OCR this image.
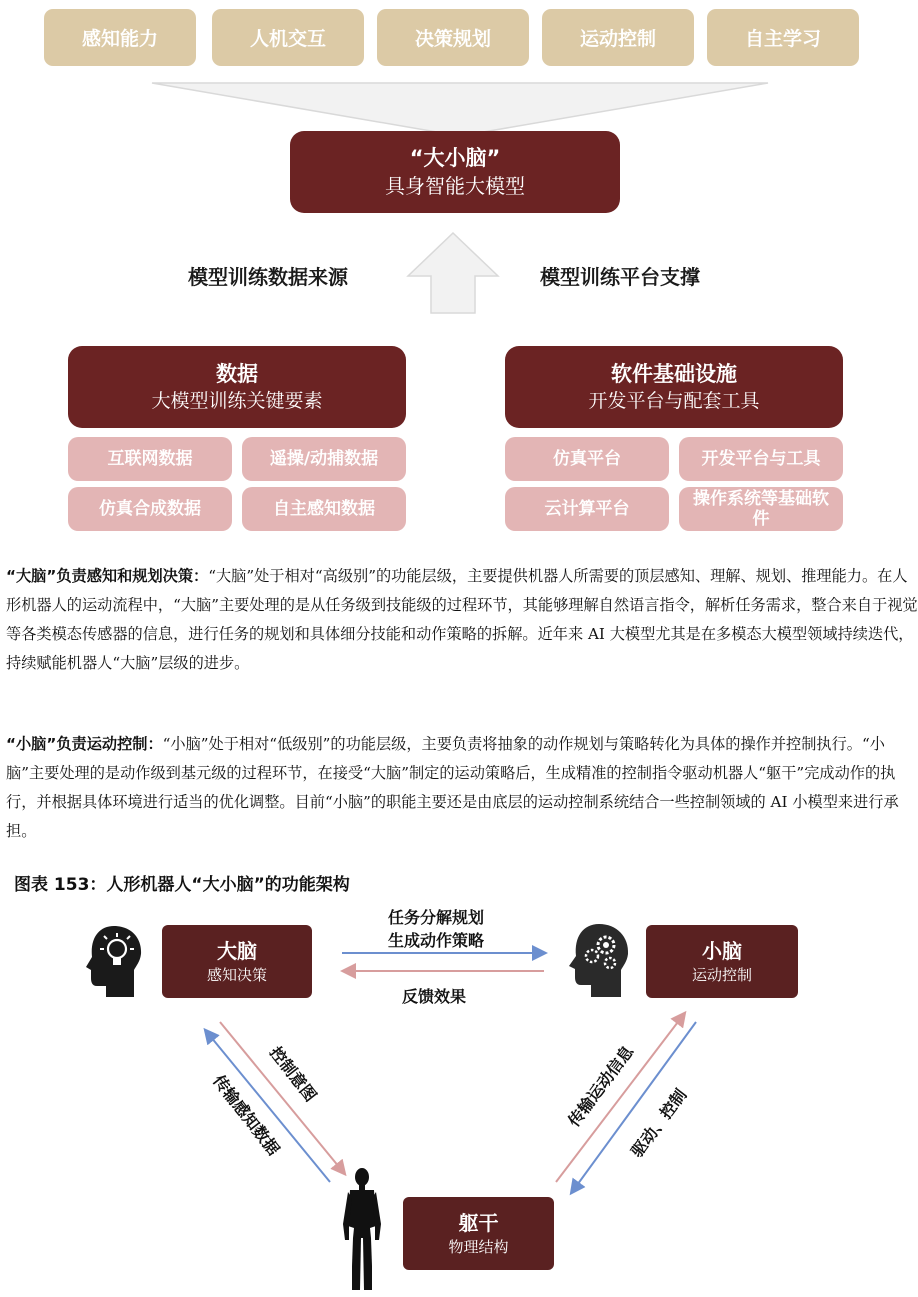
感知能力	人机交互	决策规划	运动控制	自主学习
“大小脑”
具身智能大模型
模型训练数据来源	模型训练平台支撑
数据
大模型训练关键要素
互联网数据	遥操/动捕数据
仿真合成数据	自主感知数据
软件基础设施
开发平台与配套工具
仿真平台	开发平台与工具
云计算平台	操作系统等基础软件

“大脑”负责感知和规划决策：“大脑”处于相对“高级别”的功能层级，主要提供机器人所需要的顶层感知、理解、规划、推理能力。在人形机器人的运动流程中，“大脑”主要处理的是从任务级到技能级的过程环节，其能够理解自然语言指令，解析任务需求，整合来自于视觉等各类模态传感器的信息，进行任务的规划和具体细分技能和动作策略的拆解。近年来 AI 大模型尤其是在多模态大模型领域持续迭代，持续赋能机器人“大脑”层级的进步。

“小脑”负责运动控制：“小脑”处于相对“低级别”的功能层级，主要负责将抽象的动作规划与策略转化为具体的操作并控制执行。“小脑”主要处理的是动作级到基元级的过程环节，在接受“大脑”制定的运动策略后，生成精准的控制指令驱动机器人“躯干”完成动作的执行，并根据具体环境进行适当的优化调整。目前“小脑”的职能主要还是由底层的运动控制系统结合一些控制领域的 AI 小模型来进行承担。

图表 153：人形机器人“大小脑”的功能架构
大脑
感知决策
任务分解规划
生成动作策略
反馈效果
小脑
运动控制
控制意图
传输感知数据	传输运动信息
驱动、控制
躯干
物理结构
